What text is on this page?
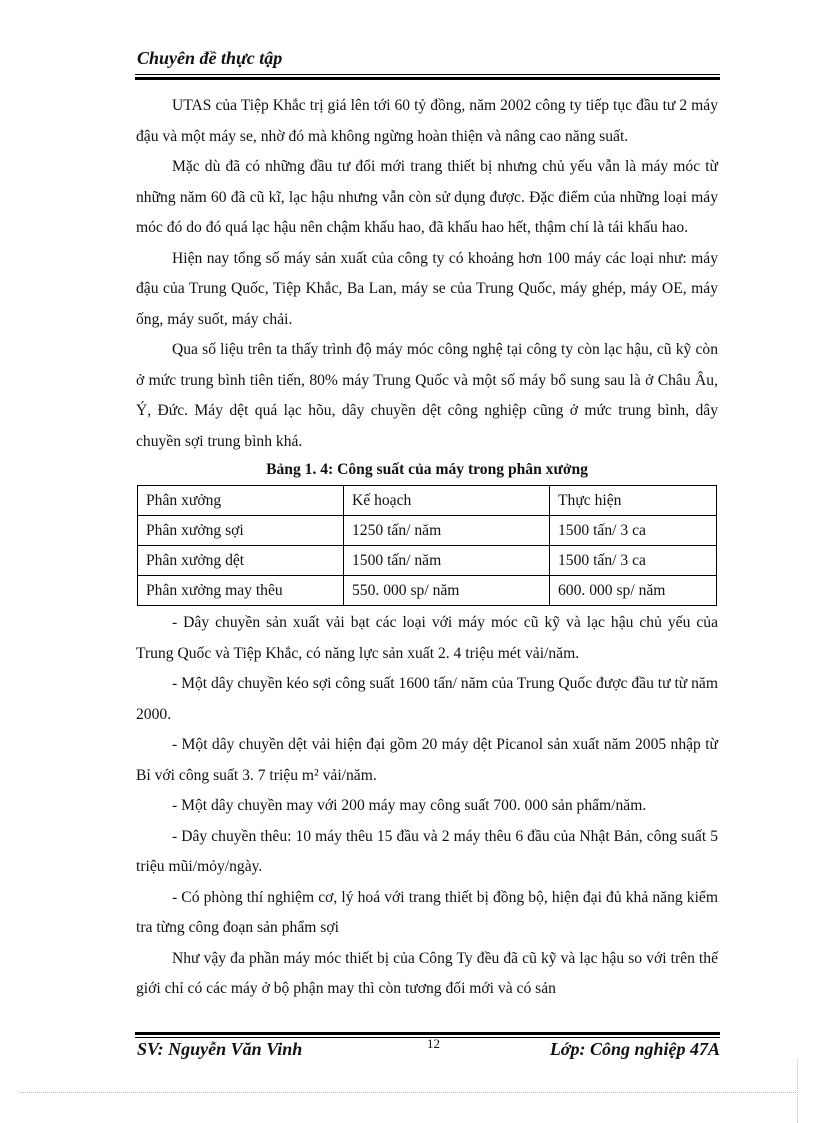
Chuyên đề thực tập

UTAS của Tiệp Khắc trị giá lên tới 60 tỷ đồng, năm 2002 công ty tiếp tục đầu tư 2 máy đậu và một máy se, nhờ đó mà không ngừng hoàn thiện và nâng cao năng suất.

Mặc dù đã có những đầu tư đổi mới trang thiết bị nhưng chủ yếu vẫn là máy móc từ những năm 60 đã cũ kĩ, lạc hậu nhưng vẫn còn sử dụng được. Đặc điểm của những loại máy móc đó do đó quá lạc hậu nên chậm khấu hao, đã khấu hao hết, thậm chí là tái khấu hao.

Hiện nay tổng số máy sản xuất của công ty có khoảng hơn 100 máy các loại như: máy đậu của Trung Quốc, Tiệp Khắc, Ba Lan, máy se của Trung Quốc, máy ghép, máy OE, máy ống, máy suốt, máy chải.

Qua số liệu trên ta thấy trình độ máy móc công nghệ tại công ty còn lạc hậu, cũ kỹ còn ở mức trung bình tiên tiến, 80% máy Trung Quốc và một số máy bổ sung sau là ở Châu Âu, Ý, Đức. Máy dệt quá lạc hõu, dây chuyền dệt công nghiệp cũng ở mức trung bình, dây chuyền sợi trung bình khá.

Bảng 1. 4: Công suất của máy trong phân xưởng
Phân xưởng	Kế hoạch	Thực hiện
Phân xưởng sợi	1250 tấn/ năm	1500 tấn/ 3 ca
Phân xưởng dệt	1500 tấn/ năm	1500 tấn/ 3 ca
Phân xưởng may thêu	550. 000 sp/ năm	600. 000 sp/ năm

- Dây chuyền sản xuất vải bạt các loại với máy móc cũ kỹ và lạc hậu chủ yếu của Trung Quốc và Tiệp Khắc, có năng lực sản xuất 2. 4 triệu mét vải/năm.

- Một dây chuyền kéo sợi công suất 1600 tấn/ năm của Trung Quốc được đầu tư từ năm 2000.

- Một dây chuyền dệt vải hiện đại gồm 20 máy dệt Picanol sản xuất năm 2005 nhập từ Bỉ với công suất 3. 7 triệu m² vải/năm.

- Một dây chuyền may với 200 máy may công suất 700. 000 sản phẩm/năm.

- Dây chuyền thêu: 10 máy thêu 15 đầu và 2 máy thêu 6 đầu của Nhật Bản, công suất 5 triệu mũi/mỏy/ngày.

- Có phòng thí nghiệm cơ, lý hoá với trang thiết bị đồng bộ, hiện đại đủ khả năng kiểm tra từng công đoạn sản phẩm sợi

Như vậy đa phần máy móc thiết bị của Công Ty đều đã cũ kỹ và lạc hậu so với trên thế giới chỉ có các máy ở bộ phận may thì còn tương đối mới và có sản

SV: Nguyễn Văn Vinh	12	Lớp: Công nghiệp 47A
